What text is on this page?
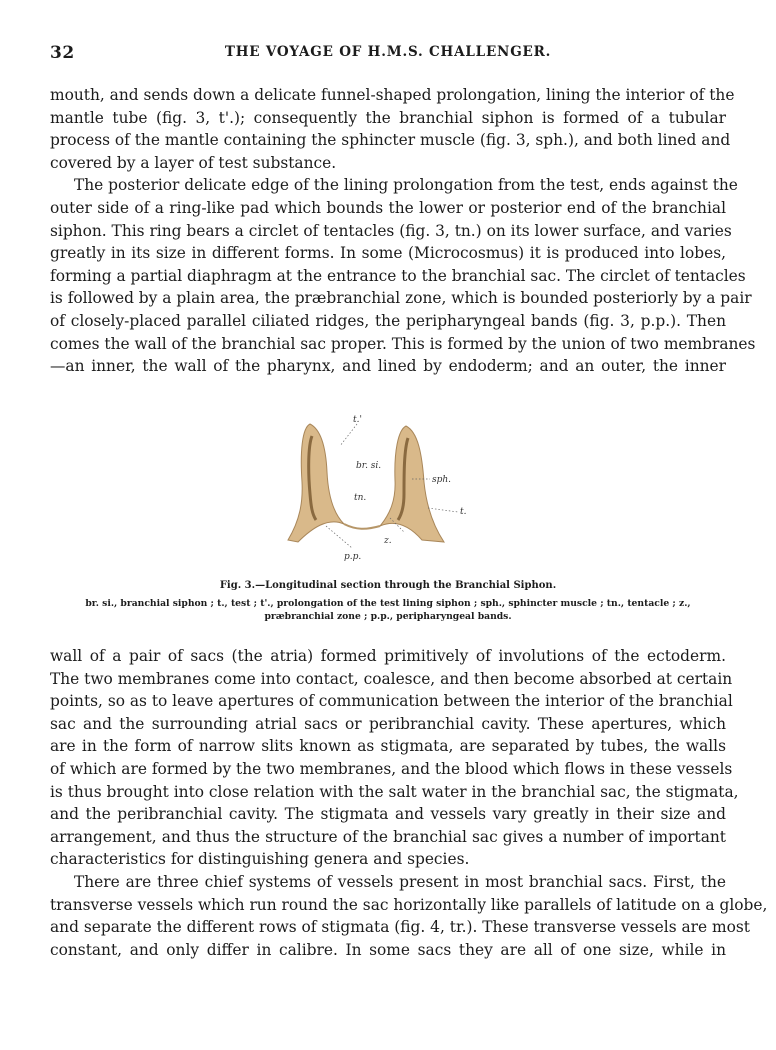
32	THE VOYAGE OF H.M.S. CHALLENGER.

mouth, and sends down a delicate funnel-shaped prolongation, lining the interior of the
mantle tube (fig. 3, t'.); consequently the branchial siphon is formed of a tubular
process of the mantle containing the sphincter muscle (fig. 3, sph.), and both lined and
covered by a layer of test substance.

The posterior delicate edge of the lining prolongation from the test, ends against the
outer side of a ring-like pad which bounds the lower or posterior end of the branchial
siphon. This ring bears a circlet of tentacles (fig. 3, tn.) on its lower surface, and varies
greatly in its size in different forms. In some (Microcosmus) it is produced into lobes,
forming a partial diaphragm at the entrance to the branchial sac. The circlet of tentacles
is followed by a plain area, the præbranchial zone, which is bounded posteriorly by a pair
of closely-placed parallel ciliated ridges, the peripharyngeal bands (fig. 3, p.p.). Then
comes the wall of the branchial sac proper. This is formed by the union of two membranes
—an inner, the wall of the pharynx, and lined by endoderm; and an outer, the inner

t.'
br. si.
sph.
tn.
t.
z.
p.p.
Fig. 3.—Longitudinal section through the Branchial Siphon.
br. si., branchial siphon ; t., test ; t'., prolongation of the test lining siphon ; sph., sphincter muscle ; tn., tentacle ; z., præbranchial zone ; p.p., peripharyngeal bands.

wall of a pair of sacs (the atria) formed primitively of involutions of the ectoderm.
The two membranes come into contact, coalesce, and then become absorbed at certain
points, so as to leave apertures of communication between the interior of the branchial
sac and the surrounding atrial sacs or peribranchial cavity. These apertures, which
are in the form of narrow slits known as stigmata, are separated by tubes, the walls
of which are formed by the two membranes, and the blood which flows in these vessels
is thus brought into close relation with the salt water in the branchial sac, the stigmata,
and the peribranchial cavity. The stigmata and vessels vary greatly in their size and
arrangement, and thus the structure of the branchial sac gives a number of important
characteristics for distinguishing genera and species.

There are three chief systems of vessels present in most branchial sacs. First, the
transverse vessels which run round the sac horizontally like parallels of latitude on a globe,
and separate the different rows of stigmata (fig. 4, tr.). These transverse vessels are most
constant, and only differ in calibre. In some sacs they are all of one size, while in
